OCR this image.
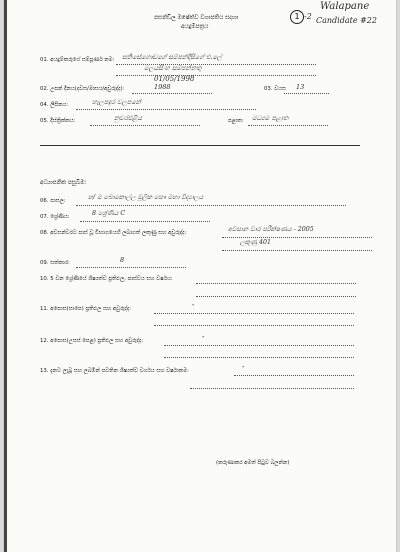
පසන්ඩිල ඔෂේත්ව වගාපතිය සදහා
අයදුම්පත්‍රය
1 -2
Walapane
Candidate #22
01. අයදුම්කරුගේ සම්පූර්ණ නම: සතිසේගොඩගේ සම්පන්දීසිගේ එ.ලේ
මලයසිංහ සම්පන්නතු
01/05/1998
02. උපන් දිනය(දවස/මාසය/අවුරුද්ද):	1988	03. වයස 13
04. ලිපිනය:	හැලපදුර වලපනේ
05. දිස්ත්‍රික්කය:	නුවරඑළිය	පළාත: මධ්‍යම පළාත
අධ්‍යාපනික පසුබිම:
06. පාසල:	හ/ ම බොකොල්ල මූලික සෞ මහා විද්‍යාලය
07. ශ්‍රේණිය:	8 ශ්‍රේණිය C
08. අවසන්වරට පාස් වූ විභාගයෙහි ලබාගත් ලකුණු සහ අවුරුද්ද:	අවසාන වාර පරීක්ෂණය - 2005
ලකුණු 401
09. සත්කාර:	8
10. 5 වන ශ්‍රේණියේ ශිෂ්‍යත්ව ප්‍රතිඵල, පාස්වය සහ වර්ෂය:
11. අපොස(සාපෙ) ප්‍රතිඵල සහ අවුරුද්ද:	-
12. අපොස(උසස් පෙළ) ප්‍රතිඵල සහ අවුරුද්ද:	-
13. දැනට ලැබූ සහ ලබමින් පවතින ශිෂ්‍යත්ව වර්ගය සහ වර්ෂාකම:	-
(කරුණාකර අමත් පිටුව බලන්න)
